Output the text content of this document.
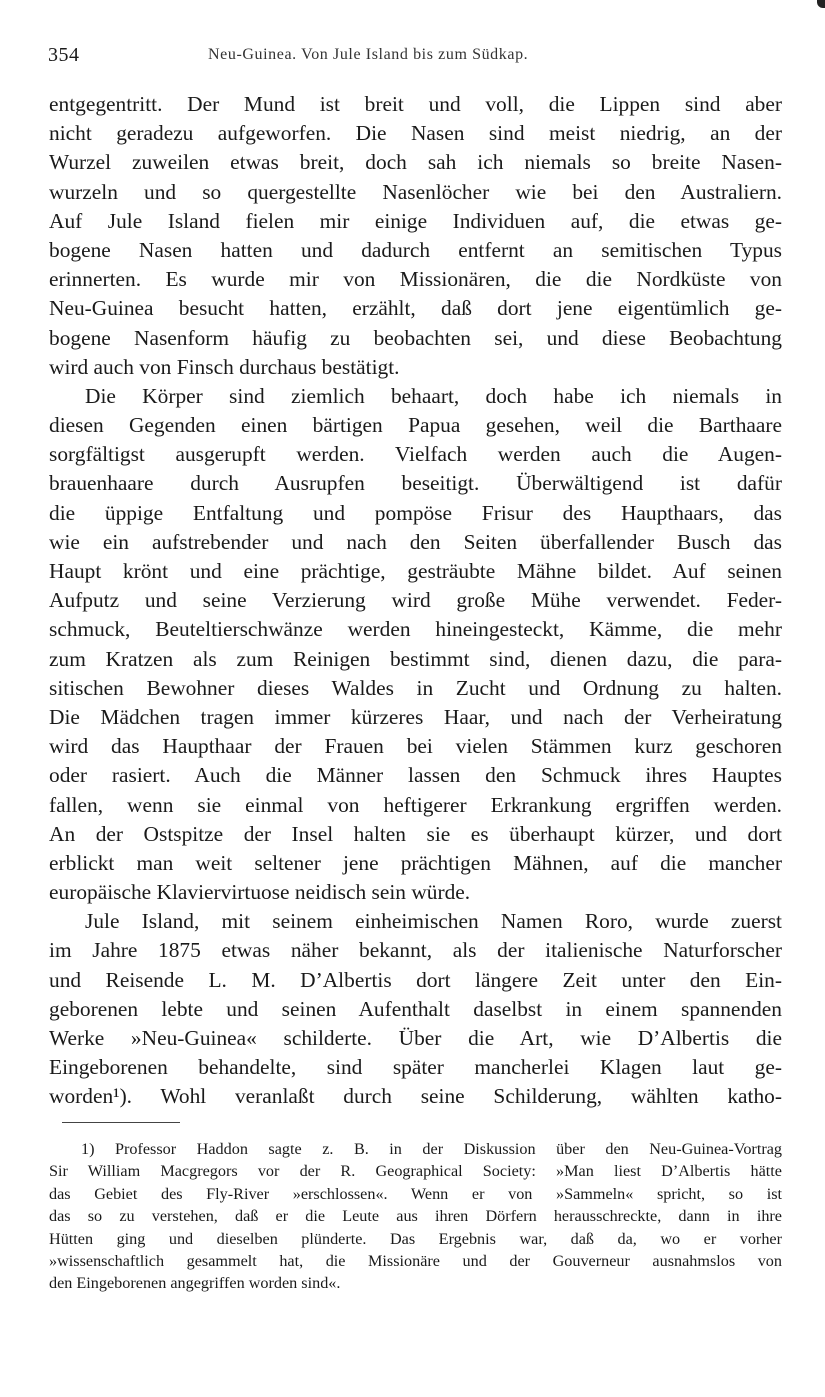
354	Neu-Guinea. Von Jule Island bis zum Südkap.
entgegentritt. Der Mund ist breit und voll, die Lippen sind aber
nicht geradezu aufgeworfen. Die Nasen sind meist niedrig, an der
Wurzel zuweilen etwas breit, doch sah ich niemals so breite Nasen-
wurzeln und so quergestellte Nasenlöcher wie bei den Australiern.
Auf Jule Island fielen mir einige Individuen auf, die etwas ge-
bogene Nasen hatten und dadurch entfernt an semitischen Typus
erinnerten. Es wurde mir von Missionären, die die Nordküste von
Neu-Guinea besucht hatten, erzählt, daß dort jene eigentümlich ge-
bogene Nasenform häufig zu beobachten sei, und diese Beobachtung
wird auch von Finsch durchaus bestätigt.
Die Körper sind ziemlich behaart, doch habe ich niemals in
diesen Gegenden einen bärtigen Papua gesehen, weil die Barthaare
sorgfältigst ausgerupft werden. Vielfach werden auch die Augen-
brauenhaare durch Ausrupfen beseitigt. Überwältigend ist dafür
die üppige Entfaltung und pompöse Frisur des Haupthaars, das
wie ein aufstrebender und nach den Seiten überfallender Busch das
Haupt krönt und eine prächtige, gesträubte Mähne bildet. Auf seinen
Aufputz und seine Verzierung wird große Mühe verwendet. Feder-
schmuck, Beuteltierschwänze werden hineingesteckt, Kämme, die mehr
zum Kratzen als zum Reinigen bestimmt sind, dienen dazu, die para-
sitischen Bewohner dieses Waldes in Zucht und Ordnung zu halten.
Die Mädchen tragen immer kürzeres Haar, und nach der Verheiratung
wird das Haupthaar der Frauen bei vielen Stämmen kurz geschoren
oder rasiert. Auch die Männer lassen den Schmuck ihres Hauptes
fallen, wenn sie einmal von heftigerer Erkrankung ergriffen werden.
An der Ostspitze der Insel halten sie es überhaupt kürzer, und dort
erblickt man weit seltener jene prächtigen Mähnen, auf die mancher
europäische Klaviervirtuose neidisch sein würde.
Jule Island, mit seinem einheimischen Namen Roro, wurde zuerst
im Jahre 1875 etwas näher bekannt, als der italienische Naturforscher
und Reisende L. M. D’Albertis dort längere Zeit unter den Ein-
geborenen lebte und seinen Aufenthalt daselbst in einem spannenden
Werke »Neu-Guinea« schilderte. Über die Art, wie D’Albertis die
Eingeborenen behandelte, sind später mancherlei Klagen laut ge-
worden¹). Wohl veranlaßt durch seine Schilderung, wählten katho-
1) Professor Haddon sagte z. B. in der Diskussion über den Neu-Guinea-Vortrag
Sir William Macgregors vor der R. Geographical Society: »Man liest D’Albertis hätte
das Gebiet des Fly-River »erschlossen«. Wenn er von »Sammeln« spricht, so ist
das so zu verstehen, daß er die Leute aus ihren Dörfern herausschreckte, dann in ihre
Hütten ging und dieselben plünderte. Das Ergebnis war, daß da, wo er vorher
»wissenschaftlich gesammelt hat, die Missionäre und der Gouverneur ausnahmslos von
den Eingeborenen angegriffen worden sind«.
